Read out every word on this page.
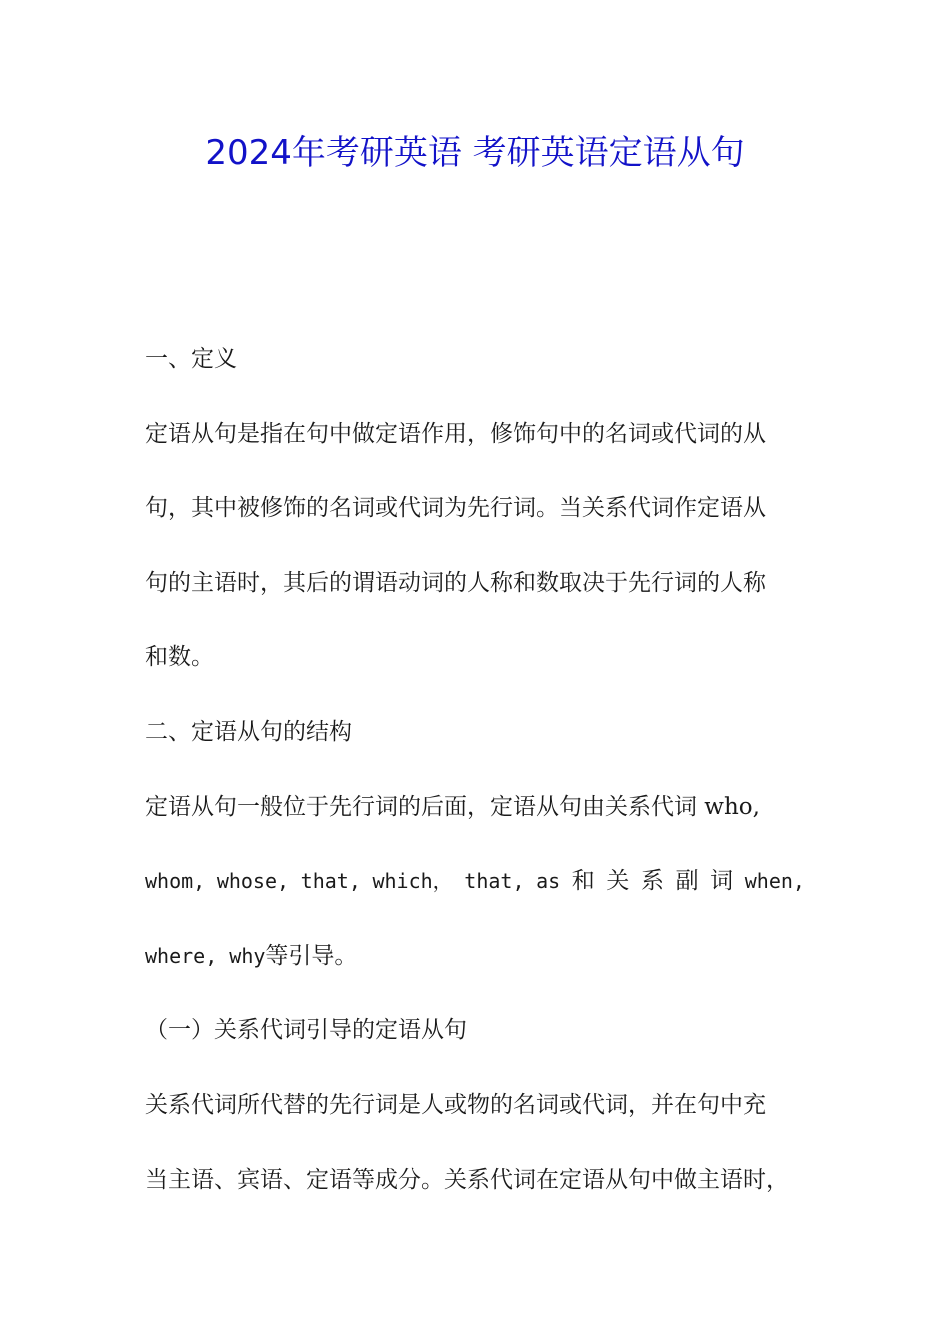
2024年考研英语 考研英语定语从句

一、定义

定语从句是指在句中做定语作用，修饰句中的名词或代词的从

句，其中被修饰的名词或代词为先行词。当关系代词作定语从

句的主语时，其后的谓语动词的人称和数取决于先行词的人称

和数。

二、定语从句的结构

定语从句一般位于先行词的后面，定语从句由关系代词 who,

whom, whose, that, which， that, as 和 关 系 副 词 when,

where, why等引导。

（一）关系代词引导的定语从句

关系代词所代替的先行词是人或物的名词或代词，并在句中充

当主语、宾语、定语等成分。关系代词在定语从句中做主语时，
